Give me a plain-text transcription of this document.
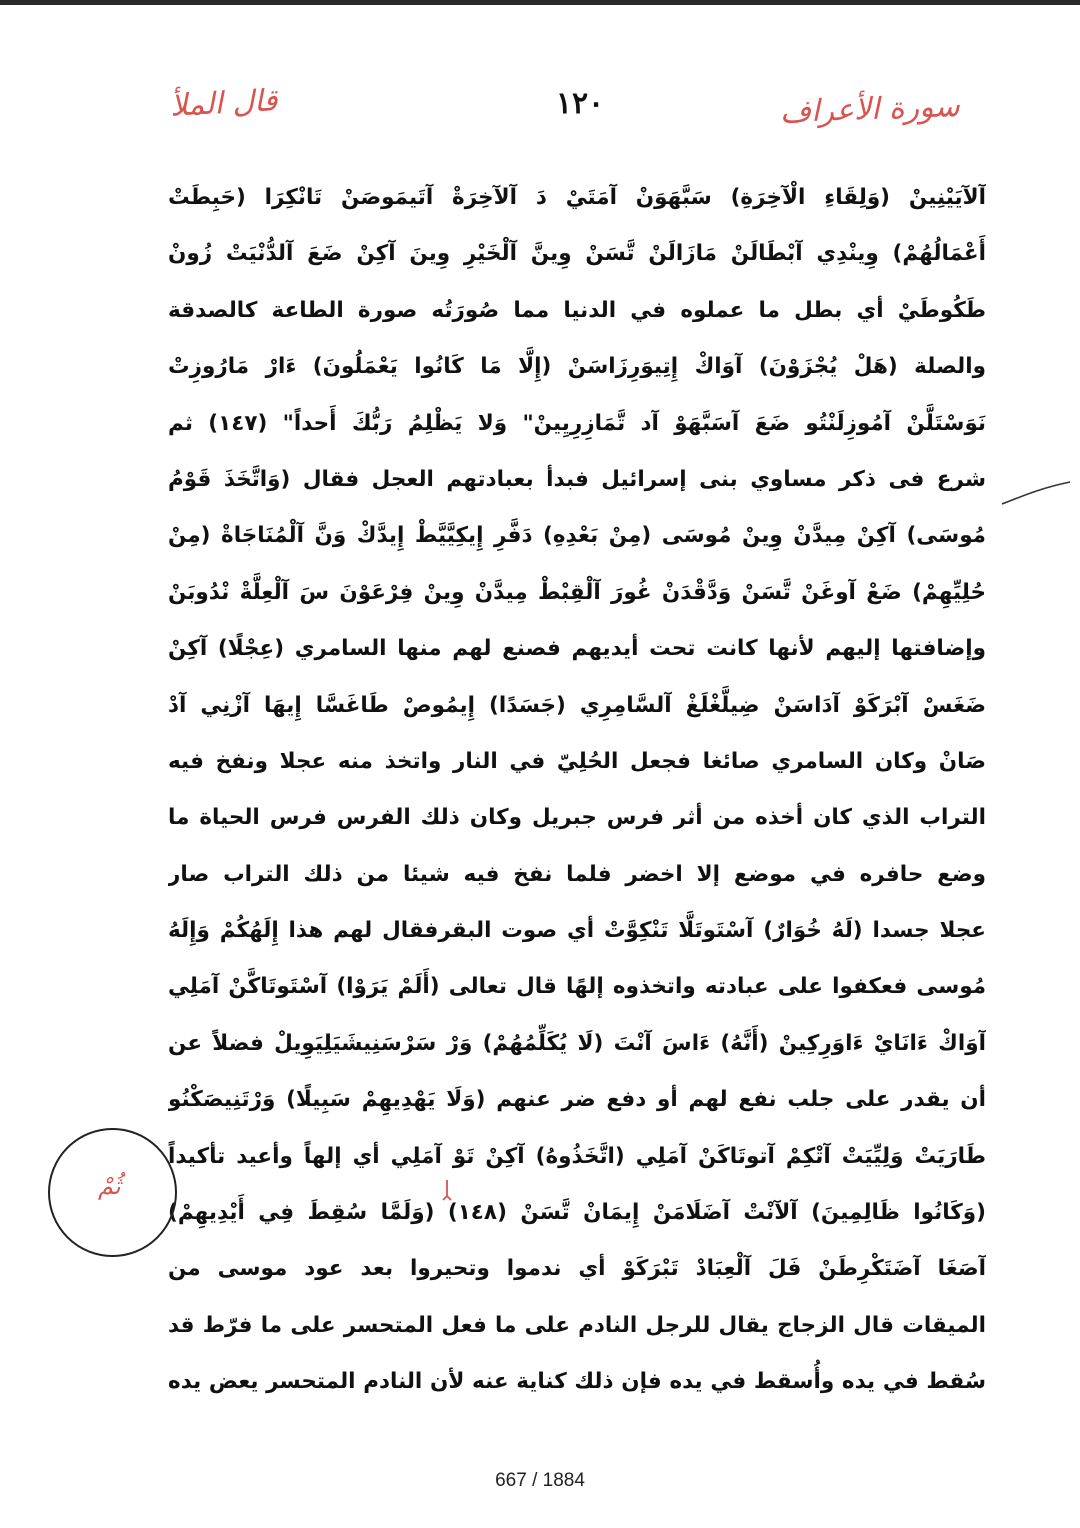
قال الملأ	١٢٠	سورة الأعراف
آلآيَيْنِينْ (وَلِقَاءِ الْآخِرَةِ) سَبَّهَوَنْ آمَتَيْ دَ آلآخِرَةْ آتَيمَوصَنْ تَانْكِرَا (حَبِطَتْ
أَعْمَالُهُمْ) وِينْدِي آبْطَالَنْ مَازَالَنْ تَّسَنْ وِينَّ آلْخَيْرِ وِينَ آكِنْ ضَعَ آلدُّنْيَتْ زُونْ
طَكُوطَيْ أي بطل ما عملوه في الدنيا مما صُورَتُه صورة الطاعة كالصدقة
والصلة (هَلْ يُجْزَوْنَ) آوَاكْ إِتِيوَرِزَاسَنْ (إِلَّا مَا كَانُوا يَعْمَلُونَ) ءَارْ مَارُوزِتْ
نَوَسْتَلَّنْ آمُوزِلَنْتُو ضَعَ آسَبَّهَوْ آد تَّمَازِرِيِينْ" وَلا يَظْلِمُ رَبُّكَ أَحداً" (١٤٧) ثم
شرع فى ذكر مساوي بنى إسرائيل فبدأ بعبادتهم العجل فقال (وَاتَّخَذَ قَوْمُ
مُوسَى) آكِنْ مِيدَّنْ وِينْ مُوسَى (مِنْ بَعْدِهِ) دَفَّرِ إِيكِيَّيَّطْ إِيدَّكْ وَنَّ آلْمُنَاجَاةْ (مِنْ
حُلِيِّهِمْ) ضَعْ آوغَنْ تَّسَنْ وَدَّقْدَنْ غُورَ آلْقِبْطْ مِيدَّنْ وِينْ فِرْعَوْنَ سَ آلْعِلَّةْ نْدُوبَنْ
وإضافتها إليهم لأنها كانت تحت أيديهم فصنع لهم منها السامري (عِجْلًا) آكِنْ
ضَغَسْ آبْرَكَوْ آدَاسَنْ ضِيلَّغْلَغْ آلسَّامِرِي (جَسَدًا) إِيمُوصْ طَاغَسَّا إِيهَا آزْنِي آدْ
صَانْ وكان السامري صائغا فجعل الحُلِيّ في النار واتخذ منه عجلا ونفخ فيه
التراب الذي كان أخذه من أثر فرس جبريل وكان ذلك الفرس فرس الحياة ما
وضع حافره في موضع إلا اخضر فلما نفخ فيه شيئا من ذلك التراب صار
عجلا جسدا (لَهُ خُوَارٌ) آسْتَوتَلَّا تَنْكِوَّتْ أي صوت البقرفقال لهم هذا إِلَهُكُمْ وَإِلَهُ
مُوسى فعكفوا على عبادته واتخذوه إلهًا قال تعالى (أَلَمْ يَرَوْا) آسْتَوتَاكَّنْ آمَلِي
آوَاكْ ءَانَايْ ءَاوَرِكِينْ (أَنَّهُ) ءَاسَ آنْتَ (لَا يُكَلِّمُهُمْ) وَرْ سَرْسَنِيشَيَلِيَوِيلْ فضلاً عن
أن يقدر على جلب نفع لهم أو دفع ضر عنهم (وَلَا يَهْدِيهِمْ سَبِيلًا) وَرْتَنِيصَكْنُو
طَارَيَتْ وَلِيِّيَتْ آتْكِمْ آتوتَاكَنْ آمَلِي (اتَّخَذُوهُ) آكِنْ تَوْ آمَلِي أي إلهاً وأعيد تأكيداً
(وَكَانُوا ظَالِمِينَ) آلآنْتْ آضَلَامَنْ إِيمَانْ تَّسَنْ (١٤٨) (وَلَمَّا سُقِطَ فِي أَيْدِيهِمْ)
آصَغَا آضَتَكْرِطَنْ فَلَ آلْعِبَادْ تَبْرَكَوْ أي ندموا وتحيروا بعد عود موسى من
الميقات قال الزجاج يقال للرجل النادم على ما فعل المتحسر على ما فرّط قد
سُقط في يده وأُسقط في يده فإن ذلك كناية عنه لأن النادم المتحسر يعض يده
ثُمْ
667 / 1884
